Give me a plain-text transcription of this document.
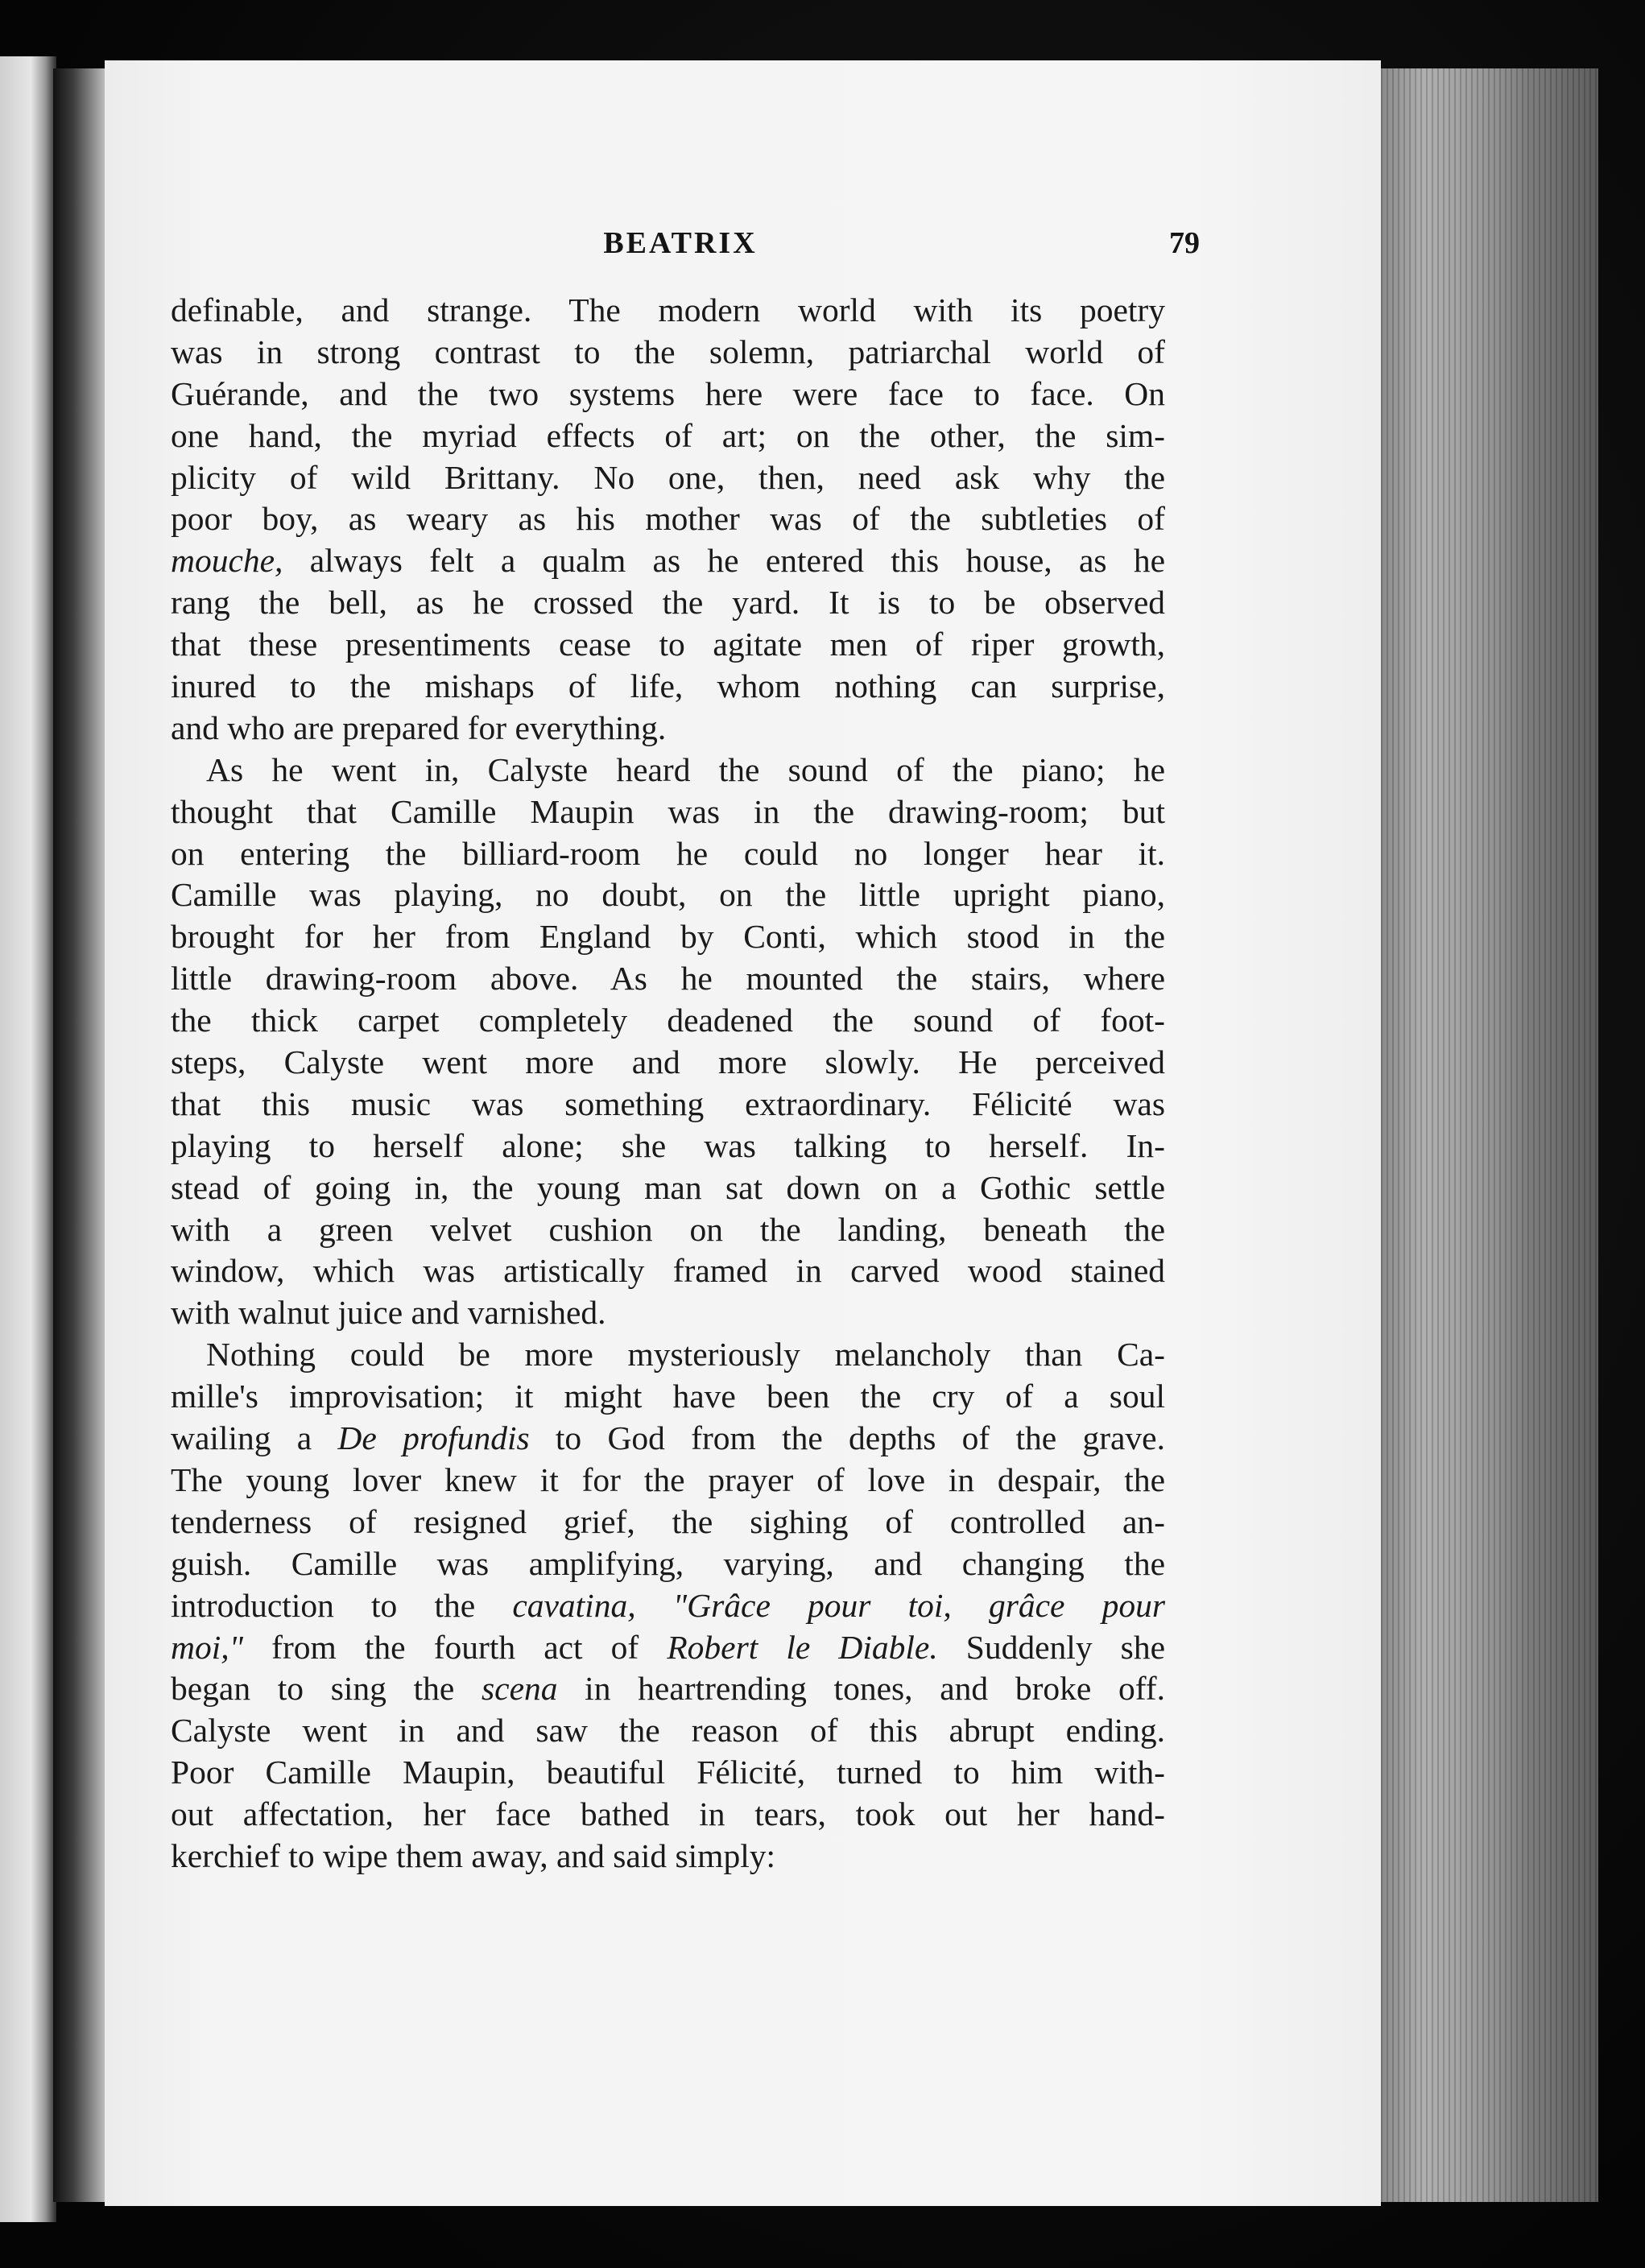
BEATRIX	79
definable, and strange. The modern world with its poetry
was in strong contrast to the solemn, patriarchal world of
Guérande, and the two systems here were face to face. On
one hand, the myriad effects of art; on the other, the sim-
plicity of wild Brittany. No one, then, need ask why the
poor boy, as weary as his mother was of the subtleties of
mouche, always felt a qualm as he entered this house, as he
rang the bell, as he crossed the yard. It is to be observed
that these presentiments cease to agitate men of riper growth,
inured to the mishaps of life, whom nothing can surprise,
and who are prepared for everything.
As he went in, Calyste heard the sound of the piano; he
thought that Camille Maupin was in the drawing-room; but
on entering the billiard-room he could no longer hear it.
Camille was playing, no doubt, on the little upright piano,
brought for her from England by Conti, which stood in the
little drawing-room above. As he mounted the stairs, where
the thick carpet completely deadened the sound of foot-
steps, Calyste went more and more slowly. He perceived
that this music was something extraordinary. Félicité was
playing to herself alone; she was talking to herself. In-
stead of going in, the young man sat down on a Gothic settle
with a green velvet cushion on the landing, beneath the
window, which was artistically framed in carved wood stained
with walnut juice and varnished.
Nothing could be more mysteriously melancholy than Ca-
mille's improvisation; it might have been the cry of a soul
wailing a De profundis to God from the depths of the grave.
The young lover knew it for the prayer of love in despair, the
tenderness of resigned grief, the sighing of controlled an-
guish. Camille was amplifying, varying, and changing the
introduction to the cavatina, "Grâce pour toi, grâce pour
moi," from the fourth act of Robert le Diable. Suddenly she
began to sing the scena in heartrending tones, and broke off.
Calyste went in and saw the reason of this abrupt ending.
Poor Camille Maupin, beautiful Félicité, turned to him with-
out affectation, her face bathed in tears, took out her hand-
kerchief to wipe them away, and said simply:
